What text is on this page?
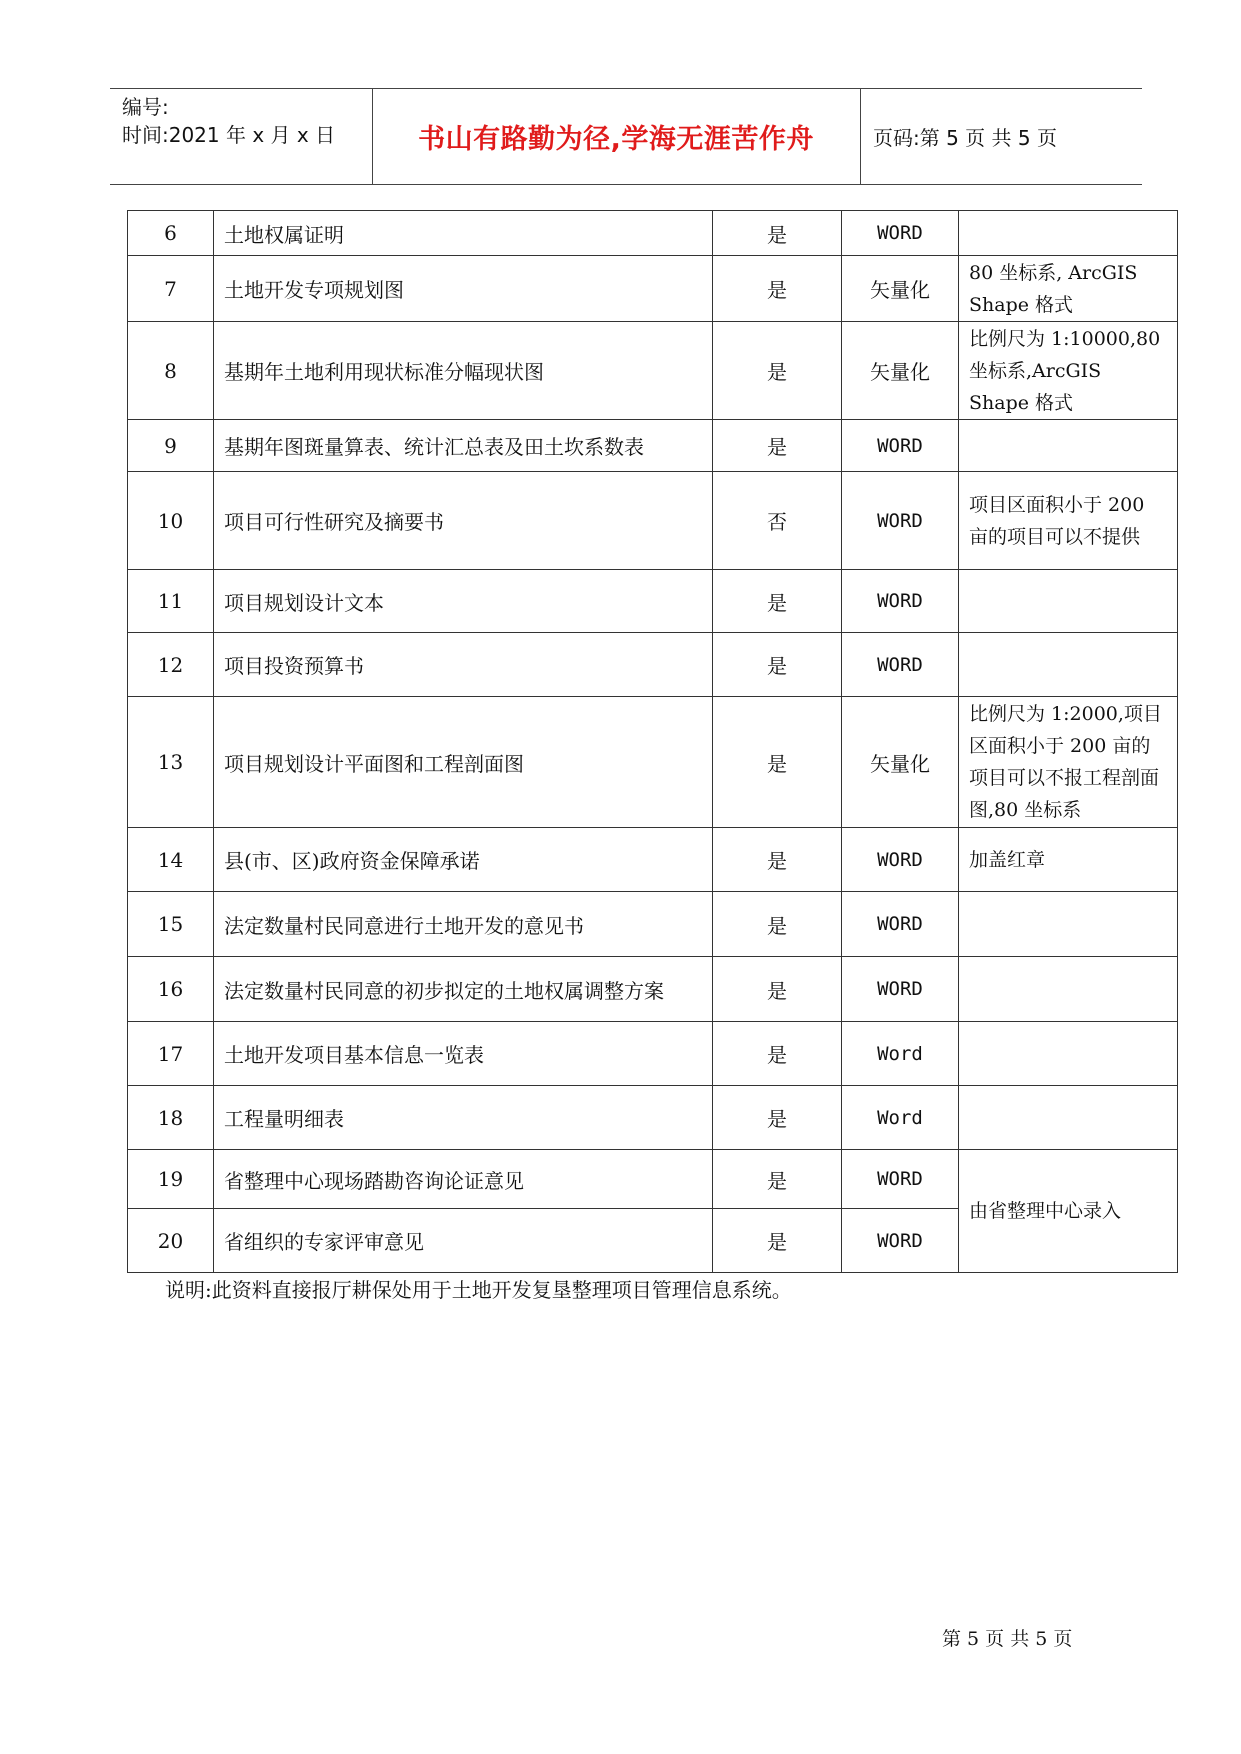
编号:
时间:2021 年 x 月 x 日	书山有路勤为径,学海无涯苦作舟	页码:第 5 页 共 5 页
6	土地权属证明	是	WORD	
7	土地开发专项规划图	是	矢量化	80 坐标系, ArcGIS Shape 格式
8	基期年土地利用现状标准分幅现状图	是	矢量化	比例尺为 1:10000,80 坐标系,ArcGIS Shape 格式
9	基期年图斑量算表、统计汇总表及田土坎系数表	是	WORD	
10	项目可行性研究及摘要书	否	WORD	项目区面积小于 200 亩的项目可以不提供
11	项目规划设计文本	是	WORD	
12	项目投资预算书	是	WORD	
13	项目规划设计平面图和工程剖面图	是	矢量化	比例尺为 1:2000,项目区面积小于 200 亩的项目可以不报工程剖面图,80 坐标系
14	县(市、区)政府资金保障承诺	是	WORD	加盖红章
15	法定数量村民同意进行土地开发的意见书	是	WORD	
16	法定数量村民同意的初步拟定的土地权属调整方案	是	WORD	
17	土地开发项目基本信息一览表	是	Word	
18	工程量明细表	是	Word	
19	省整理中心现场踏勘咨询论证意见	是	WORD	由省整理中心录入
20	省组织的专家评审意见	是	WORD	
说明:此资料直接报厅耕保处用于土地开发复垦整理项目管理信息系统。
第 5 页 共 5 页
